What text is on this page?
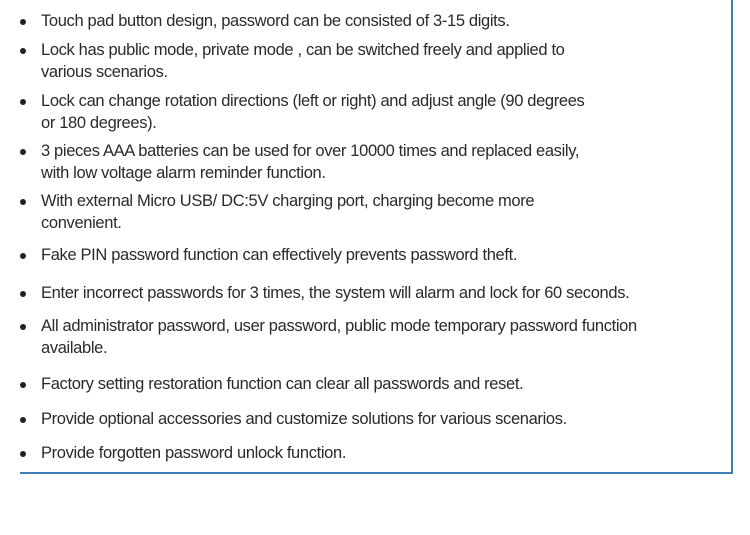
Touch pad button design, password can be consisted of 3-15 digits.
Lock has public mode, private mode , can be switched freely and applied to
various scenarios.
Lock can change rotation directions (left or right) and adjust angle (90 degrees
or 180 degrees).
3 pieces AAA batteries can be used for over 10000 times and replaced easily,
with low voltage alarm reminder function.
With external Micro USB/ DC:5V charging port, charging become more
convenient.
Fake PIN password function can effectively prevents password theft.
Enter incorrect passwords for 3 times, the system will alarm and lock for 60 seconds.
All administrator password, user password, public mode temporary password function
available.
Factory setting restoration function can clear all passwords and reset.
Provide optional accessories and customize solutions for various scenarios.
Provide forgotten password unlock function.
